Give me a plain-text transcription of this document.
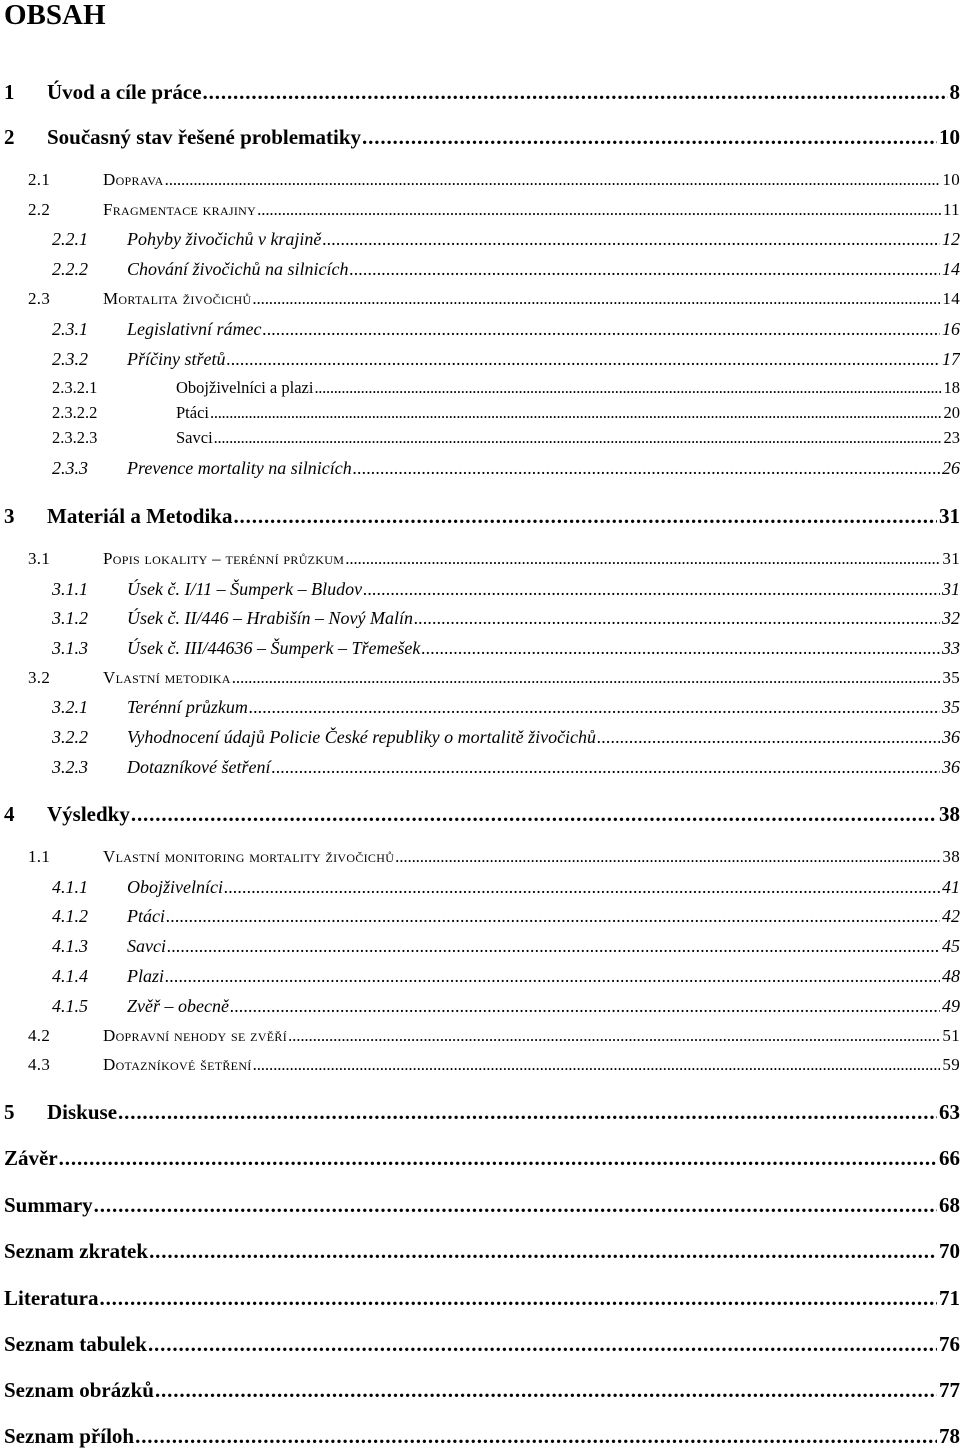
OBSAH
1 Úvod a cíle práce . . .	8
2 Současný stav řešené problematiky . . .	10
2.1	Doprava . . .	10
2.2	Fragmentace krajiny . . .	11
2.2.1 Pohyby živočichů v krajině . . .	12
2.2.2 Chování živočichů na silnicích . . .	14
2.3	Mortalita živočichů . . .	14
2.3.1 Legislativní rámec . . .	16
2.3.2 Příčiny střetů . . .	17
2.3.2.1	Obojživelníci a plazi . . .	18
2.3.2.2	Ptáci . . .	20
2.3.2.3	Savci . . .	23
2.3.3 Prevence mortality na silnicích . . .	26
3 Materiál a Metodika . . .	31
3.1	Popis lokality – terénní průzkum . . .	31
3.1.1 Úsek č. I/11 – Šumperk – Bludov . . .	31
3.1.2 Úsek č. II/446 – Hrabišín – Nový Malín . . .	32
3.1.3 Úsek č. III/44636 – Šumperk – Třemešek . . .	33
3.2	Vlastní metodika . . .	35
3.2.1 Terénní průzkum . . .	35
3.2.2 Vyhodnocení údajů Policie České republiky o mortalitě živočichů . . .	36
3.2.3 Dotazníkové šetření . . .	36
4 Výsledky . . .	38
1.1	Vlastní monitoring mortality živočichů . . .	38
4.1.1 Obojživelníci . . .	41
4.1.2 Ptáci . . .	42
4.1.3 Savci . . .	45
4.1.4 Plazi . . .	48
4.1.5 Zvěř – obecně . . .	49
4.2	Dopravní nehody se zvěří . . .	51
4.3	Dotazníkové šetření . . .	59
5 Diskuse . . .	63
Závěr . . .	66
Summary . . .	68
Seznam zkratek . . .	70
Literatura . . .	71
Seznam tabulek . . .	76
Seznam obrázků . . .	77
Seznam příloh . . .	78
